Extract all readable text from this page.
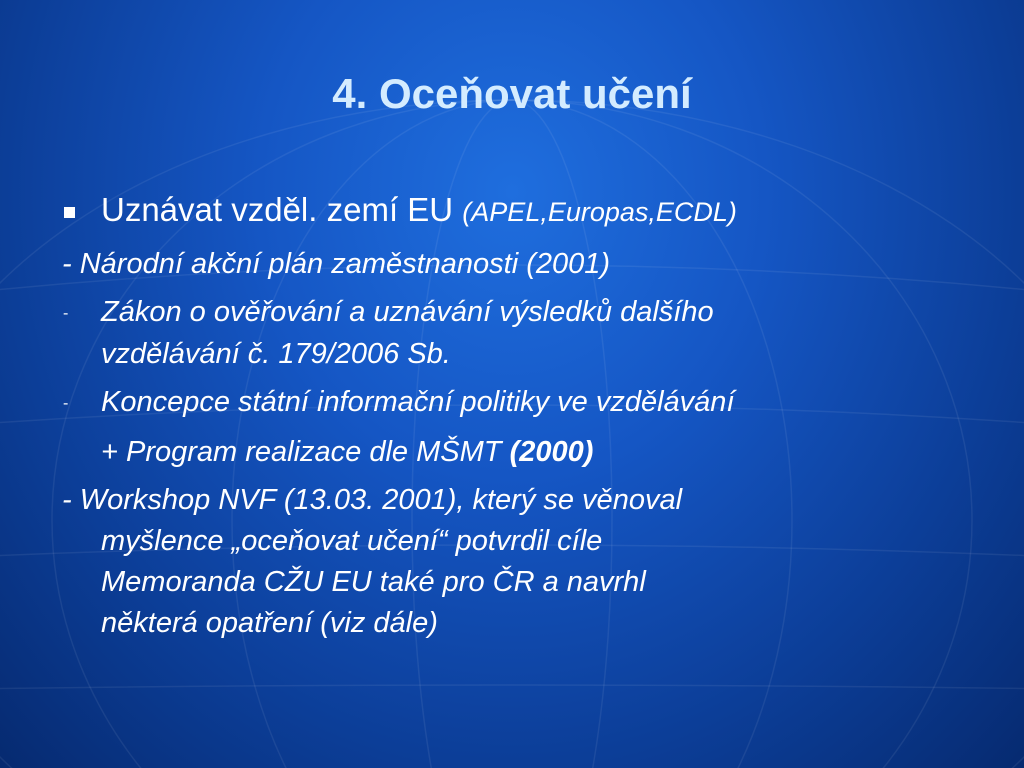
4. Oceňovat učení
Uznávat vzděl. zemí EU (APEL,Europas,ECDL)
- Národní akční plán zaměstnanosti (2001)
- Zákon o ověřování a uznávání výsledků dalšího
vzdělávání č. 179/2006 Sb.
- Koncepce státní informační politiky ve vzdělávání
+ Program realizace dle MŠMT (2000)
- Workshop NVF (13.03. 2001), který se věnoval
myšlence „oceňovat učení“ potvrdil cíle
Memoranda CŽU EU také pro ČR a navrhl
některá opatření (viz dále)
